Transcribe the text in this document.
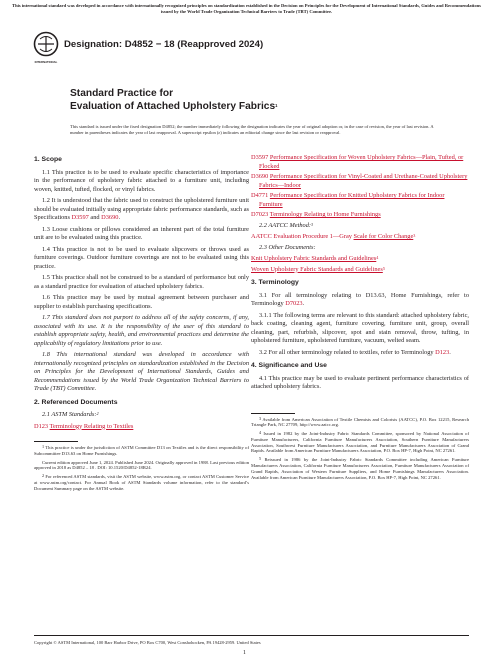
This international standard was developed in accordance with internationally recognized principles on standardization established in the Decision on Principles for the Development of International Standards, Guides and Recommendations issued by the World Trade Organization Technical Barriers to Trade (TBT) Committee.
INTERNATIONAL
Designation: D4852 − 18 (Reapproved 2024)
Standard Practice for
Evaluation of Attached Upholstery Fabrics$^1$
This standard is issued under the fixed designation D4852; the number immediately following the designation indicates the year of original adoption or, in the case of revision, the year of last revision. A number in parentheses indicates the year of last reapproval. A superscript epsilon (ε) indicates an editorial change since the last revision or reapproval.
1. Scope

1.1 This practice is to be used to evaluate specific characteristics of importance in the performance of upholstery fabric attached to a furniture unit, including woven, knitted, tufted, flocked, or vinyl fabrics.

1.2 It is understood that the fabric used to construct the upholstered furniture unit should be evaluated initially using appropriate fabric performance standards, such as Specifications D3597 and D3690.

1.3 Loose cushions or pillows considered an inherent part of the total furniture unit are to be evaluated using this practice.

1.4 This practice is not to be used to evaluate slipcovers or throws used as furniture coverings. Outdoor furniture coverings are not to be evaluated using this practice.

1.5 This practice shall not be construed to be a standard of performance but only as a standard practice for evaluation of attached upholstery fabrics.

1.6 This practice may be used by mutual agreement between purchaser and supplier to establish purchasing specifications.

1.7 This standard does not purport to address all of the safety concerns, if any, associated with its use. It is the responsibility of the user of this standard to establish appropriate safety, health, and environmental practices and determine the applicability of regulatory limitations prior to use.

1.8 This international standard was developed in accordance with internationally recognized principles on standardization established in the Decision on Principles for the Development of International Standards, Guides and Recommendations issued by the World Trade Organization Technical Barriers to Trade (TBT) Committee.

2. Referenced Documents

2.1 ASTM Standards:$^2$

D123 Terminology Relating to Textiles

1 This practice is under the jurisdiction of ASTM Committee D13 on Textiles and is the direct responsibility of Subcommittee D13.63 on Home Furnishings.

Current edition approved June 1, 2024. Published June 2024. Originally approved in 1988. Last previous edition approved in 2018 as D4852 – 18 . DOI: 10.1520/D4852-18R24.

2 For referenced ASTM standards, visit the ASTM website, www.astm.org, or contact ASTM Customer Service at www.astm.org/contact. For Annual Book of ASTM Standards volume information, refer to the standard’s Document Summary page on the ASTM website.

D3597 Performance Specification for Woven Upholstery Fabrics—Plain, Tufted, or Flocked
D3690 Performance Specification for Vinyl-Coated and Urethane-Coated Upholstery Fabrics—Indoor
D4771 Performance Specification for Knitted Upholstery Fabrics for Indoor Furniture
D7023 Terminology Relating to Home Furnishings

2.2 AATCC Method:$^3$

AATCC Evaluation Procedure 1—Gray Scale for Color Change$^3$

2.3 Other Documents:

Knit Upholstery Fabric Standards and Guidelines$^4$
Woven Upholstery Fabric Standards and Guidelines$^5$
3. Terminology

3.1 For all terminology relating to D13.63, Home Furnishings, refer to Terminology D7023.

3.1.1 The following terms are relevant to this standard: attached upholstery fabric, back coating, cleaning agent, furniture covering, furniture unit, group, overall cleaning, part, refurbish, slipcover, spot and stain removal, throw, tufting, in upholstered furniture, upholstered furniture, vacuum, welted seam.

3.2 For all other terminology related to textiles, refer to Terminology D123.

4. Significance and Use

4.1 This practice may be used to evaluate pertinent performance characteristics of attached upholstery fabrics.

3 Available from American Association of Textile Chemists and Colorists (AATCC), P.O. Box 12215, Research Triangle Park, NC 27709, http://www.aatcc.org.

4 Issued in 1982 by the Joint-Industry Fabric Standards Committee, sponsored by National Association of Furniture Manufacturers, California Furniture Manufacturers Association, Southern Furniture Manufacturers Association, Southwest Furniture Manufacturers Association, and Furniture Manufacturers Association of Grand Rapids. Available from American Furniture Manufacturers Association, P.O. Box HP-7, High Point, NC 27261.

5 Reissued in 1986 by the Joint-Industry Fabric Standards Committee including American Furniture Manufacturers Association, California Furniture Manufacturers Association, Furniture Manufacturers Association of Grand Rapids, Association of Western Furniture Suppliers, and Home Furnishings Manufacturers Association. Available from American Furniture Manufacturers Association, P.O. Box HP-7, High Point, NC 27261.

Copyright © ASTM International, 100 Barr Harbor Drive, PO Box C700, West Conshohocken, PA 19428-2959. United States
1
